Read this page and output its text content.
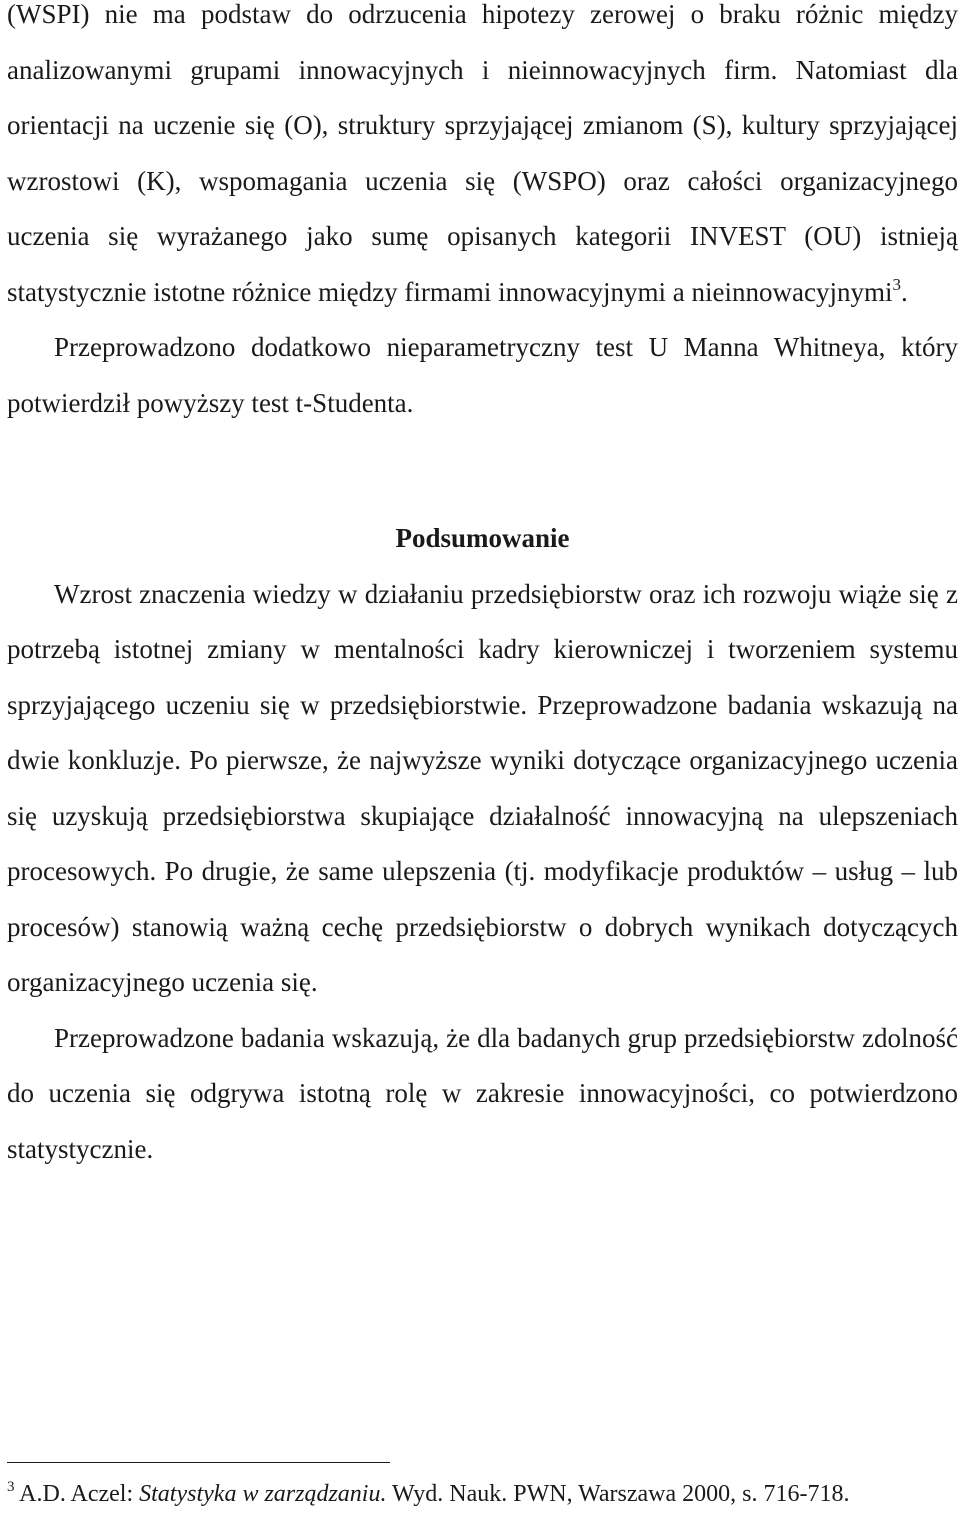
(WSPI) nie ma podstaw do odrzucenia hipotezy zerowej o braku różnic między analizowanymi grupami innowacyjnych i nieinnowacyjnych firm. Natomiast dla orientacji na uczenie się (O), struktury sprzyjającej zmianom (S), kultury sprzyjającej wzrostowi (K), wspomagania uczenia się (WSPO) oraz całości organizacyjnego uczenia się wyrażanego jako sumę opisanych kategorii INVEST (OU) istnieją statystycznie istotne różnice między firmami innowacyjnymi a nieinnowacyjnymi$^3$.

Przeprowadzono dodatkowo nieparametryczny test U Manna Whitneya, który potwierdził powyższy test t-Studenta.

Podsumowanie

Wzrost znaczenia wiedzy w działaniu przedsiębiorstw oraz ich rozwoju wiąże się z potrzebą istotnej zmiany w mentalności kadry kierowniczej i tworzeniem systemu sprzyjającego uczeniu się w przedsiębiorstwie. Przeprowadzone badania wskazują na dwie konkluzje. Po pierwsze, że najwyższe wyniki dotyczące organizacyjnego uczenia się uzyskują przedsiębiorstwa skupiające działalność innowacyjną na ulepszeniach procesowych. Po drugie, że same ulepszenia (tj. modyfikacje produktów – usług – lub procesów) stanowią ważną cechę przedsiębiorstw o dobrych wynikach dotyczących organizacyjnego uczenia się.

Przeprowadzone badania wskazują, że dla badanych grup przedsiębiorstw zdolność do uczenia się odgrywa istotną rolę w zakresie innowacyjności, co potwierdzono statystycznie.

$^3$ A.D. Aczel: Statystyka w zarządzaniu. Wyd. Nauk. PWN, Warszawa 2000, s. 716-718.
